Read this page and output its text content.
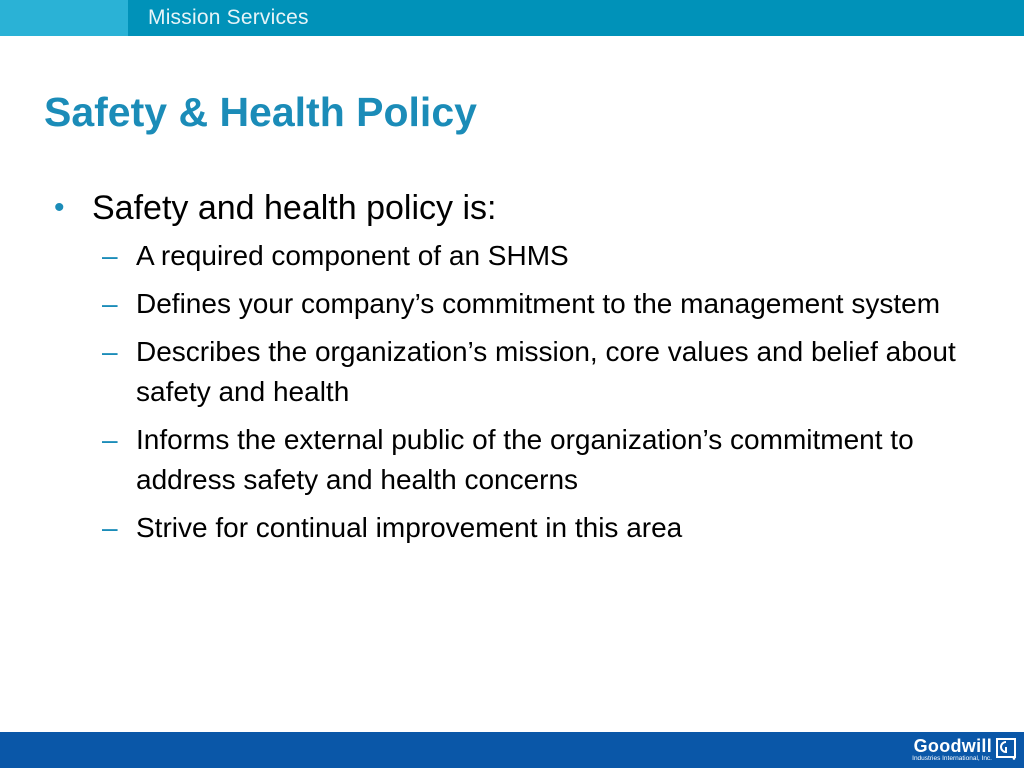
Mission Services
Safety & Health Policy
• Safety and health policy is:
– A required component of an SHMS
– Defines your company’s commitment to the management system
– Describes the organization’s mission, core values and belief about safety and health
– Informs the external public of the organization’s commitment to address safety and health concerns
– Strive for continual improvement in this area
Goodwill
Industries International, Inc.
